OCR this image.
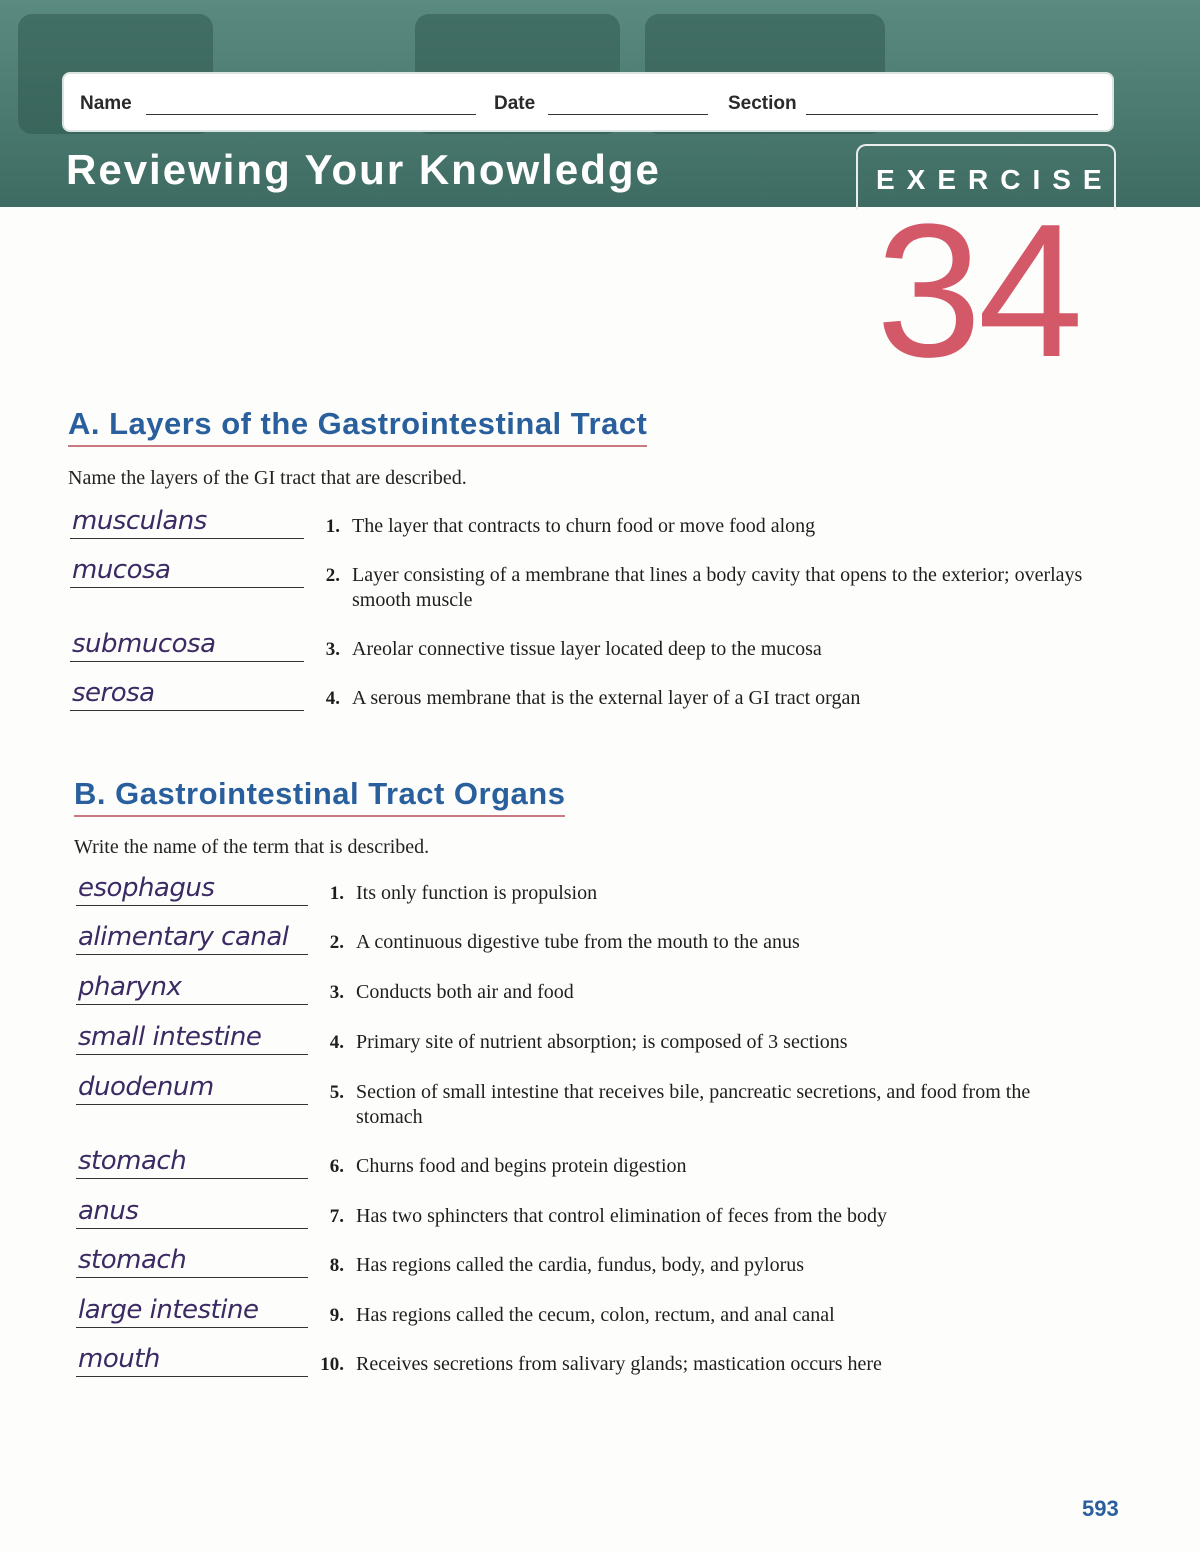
Name	Date	Section
Reviewing Your Knowledge	EXERCISE
34
A. Layers of the Gastrointestinal Tract
Name the layers of the GI tract that are described.
musculans	1. The layer that contracts to churn food or move food along
mucosa	2. Layer consisting of a membrane that lines a body cavity that opens to the exterior; overlays smooth muscle
submucosa	3. Areolar connective tissue layer located deep to the mucosa
serosa	4. A serous membrane that is the external layer of a GI tract organ
B. Gastrointestinal Tract Organs
Write the name of the term that is described.
esophagus	1. Its only function is propulsion
alimentary canal	2. A continuous digestive tube from the mouth to the anus
pharynx	3. Conducts both air and food
small intestine	4. Primary site of nutrient absorption; is composed of 3 sections
duodenum	5. Section of small intestine that receives bile, pancreatic secretions, and food from the stomach
stomach	6. Churns food and begins protein digestion
anus	7. Has two sphincters that control elimination of feces from the body
stomach	8. Has regions called the cardia, fundus, body, and pylorus
large intestine	9. Has regions called the cecum, colon, rectum, and anal canal
mouth	10. Receives secretions from salivary glands; mastication occurs here
593
